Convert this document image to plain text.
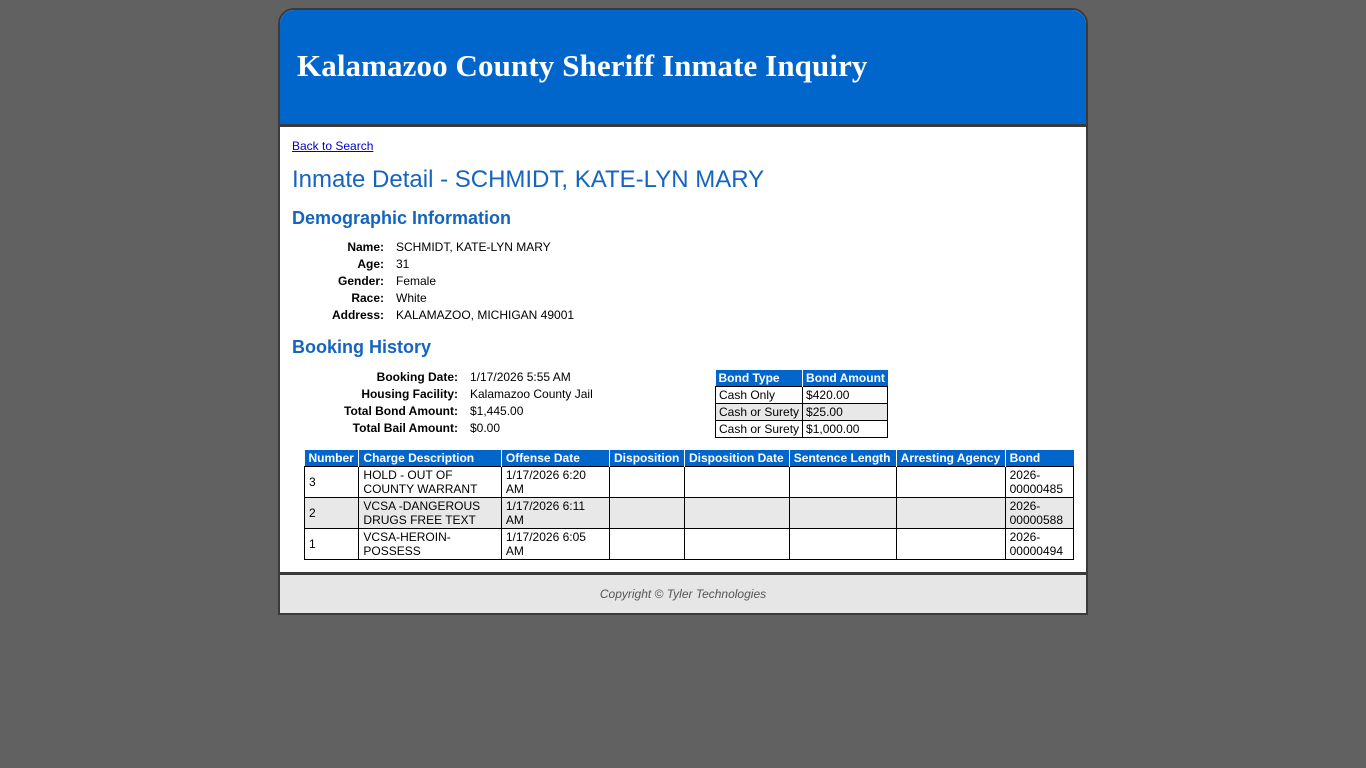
Kalamazoo County Sheriff Inmate Inquiry
Back to Search
Inmate Detail - SCHMIDT, KATE-LYN MARY
Demographic Information
Name:	SCHMIDT, KATE-LYN MARY
Age:	31
Gender:	Female
Race:	White
Address:	KALAMAZOO, MICHIGAN 49001
Booking History
Booking Date:	1/17/2026 5:55 AM
Housing Facility:	Kalamazoo County Jail
Total Bond Amount:	$1,445.00
Total Bail Amount:	$0.00
Bond Type	Bond Amount
Cash Only	$420.00
Cash or Surety	$25.00
Cash or Surety	$1,000.00
Number	Charge Description	Offense Date	Disposition	Disposition Date	Sentence Length	Arresting Agency	Bond
3	HOLD - OUT OF COUNTY WARRANT	1/17/2026 6:20 AM					2026-00000485
2	VCSA -DANGEROUS DRUGS FREE TEXT	1/17/2026 6:11 AM					2026-00000588
1	VCSA-HEROIN-POSSESS	1/17/2026 6:05 AM					2026-00000494
Copyright © Tyler Technologies
